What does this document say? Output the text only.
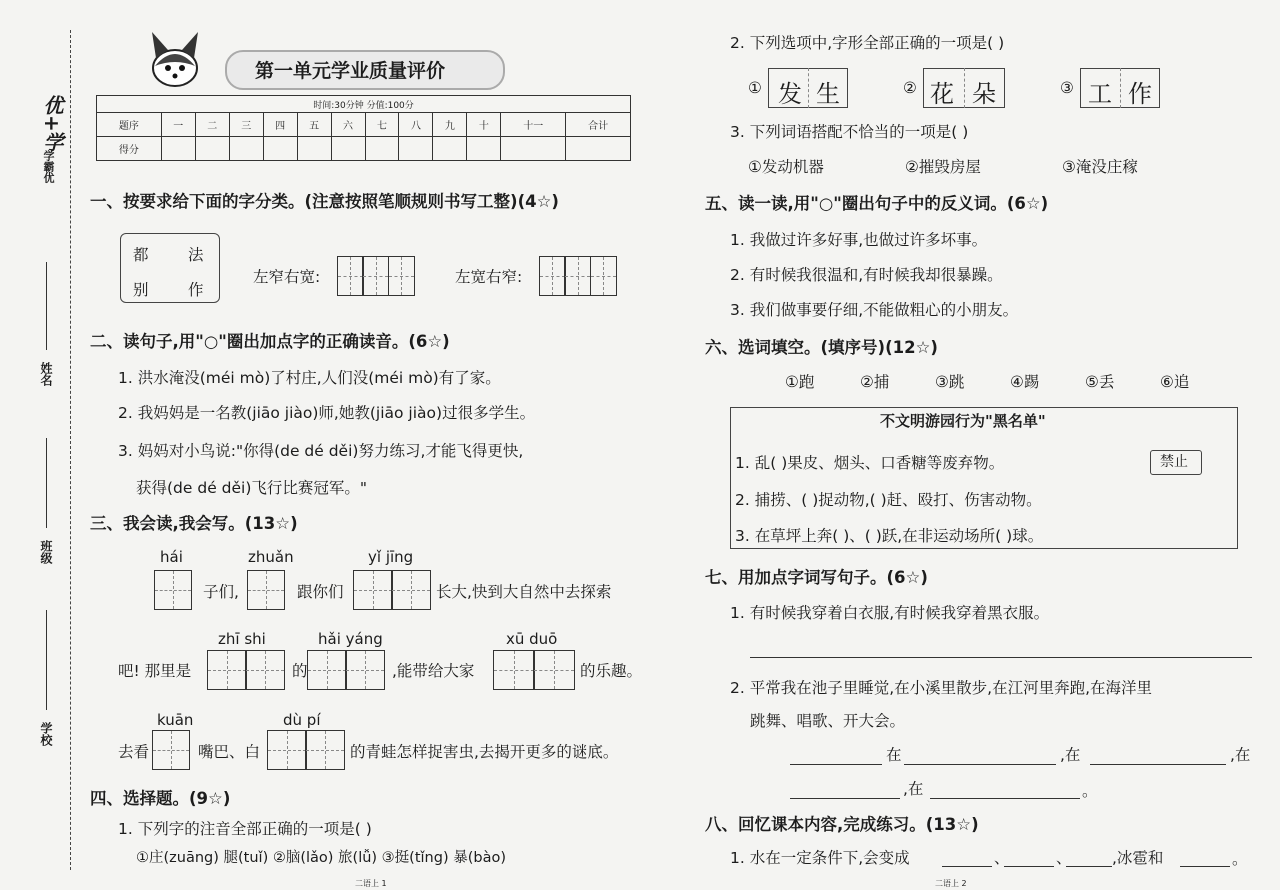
优+学
学霸优
姓名
班级
学校
第一单元学业质量评价
时间:30分钟 分值:100分												
题序	一	二	三	四	五	六	七	八	九	十	十一	合计
得分												
一、按要求给下面的字分类。(注意按照笔顺规则书写工整)(4☆)
都	法
别	作
左窄右宽:	左宽右窄:
二、读句子,用"○"圈出加点字的正确读音。(6☆)
1. 洪水淹没(méi mò)了村庄,人们没(méi mò)有了家。
2. 我妈妈是一名教(jiāo jiào)师,她教(jiāo jiào)过很多学生。
3. 妈妈对小鸟说:"你得(de dé děi)努力练习,才能飞得更快,
获得(de dé děi)飞行比赛冠军。"
三、我会读,我会写。(13☆)
hái	zhuǎn	yǐ jīng
子们,	跟你们	长大,快到大自然中去探索
zhī shi	hǎi yáng	xū duō
吧! 那里是	的	,能带给大家	的乐趣。
kuān	dù pí
去看	嘴巴、白	的青蛙怎样捉害虫,去揭开更多的谜底。
四、选择题。(9☆)
1. 下列字的注音全部正确的一项是( )
①庄(zuāng) 腿(tuǐ) ②脑(lǎo) 旅(lǚ) ③挺(tǐng) 暴(bào)
二语上 1
2. 下列选项中,字形全部正确的一项是( )
① 发 生	② 花 朵	③ 工 作
3. 下列词语搭配不恰当的一项是( )
①发动机器	②摧毁房屋	③淹没庄稼
五、读一读,用"○"圈出句子中的反义词。(6☆)
1. 我做过许多好事,也做过许多坏事。
2. 有时候我很温和,有时候我却很暴躁。
3. 我们做事要仔细,不能做粗心的小朋友。
六、选词填空。(填序号)(12☆)
①跑	②捕	③跳	④踢	⑤丢	⑥追
不文明游园行为"黑名单"
禁止
1. 乱( )果皮、烟头、口香糖等废弃物。
2. 捕捞、( )捉动物,( )赶、殴打、伤害动物。
3. 在草坪上奔( )、( )跃,在非运动场所( )球。
七、用加点字词写句子。(6☆)
1. 有时候我穿着白衣服,有时候我穿着黑衣服。
2. 平常我在池子里睡觉,在小溪里散步,在江河里奔跑,在海洋里
跳舞、唱歌、开大会。
在	,在	,在
,在	。
八、回忆课本内容,完成练习。(13☆)
1. 水在一定条件下,会变成	、	、	,冰雹和	。
二语上 2
